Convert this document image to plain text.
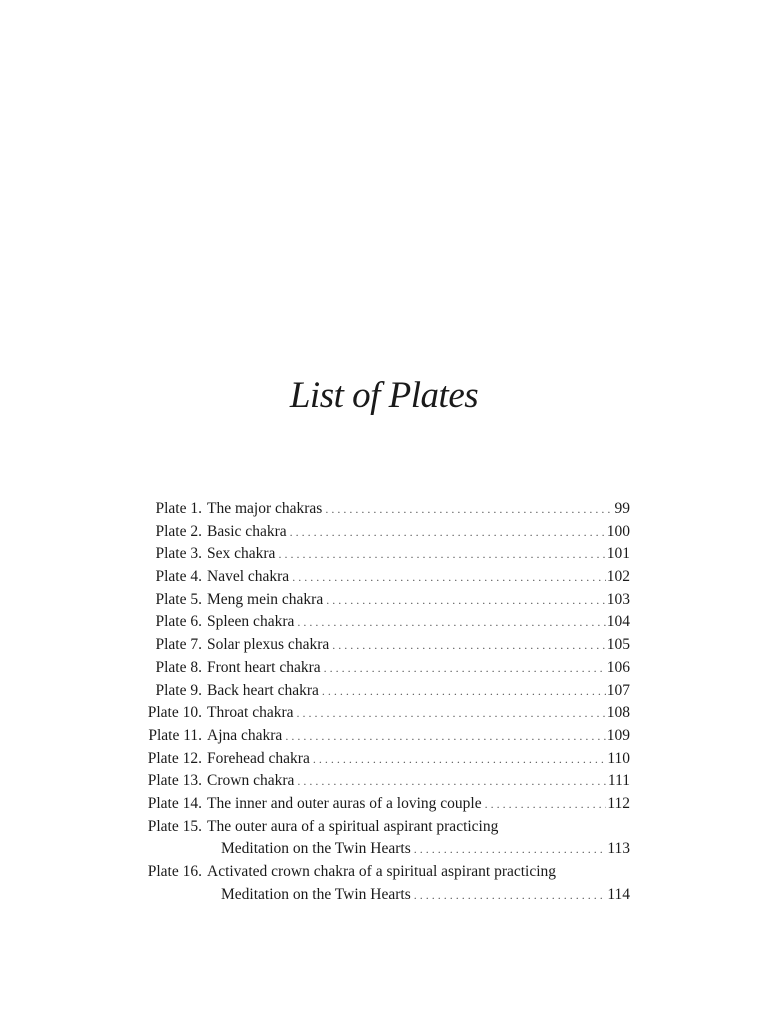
List of Plates
Plate 1. The major chakras . . .	99
Plate 2. Basic chakra . . .	100
Plate 3. Sex chakra . . .	101
Plate 4. Navel chakra . . .	102
Plate 5. Meng mein chakra . . .	103
Plate 6. Spleen chakra . . .	104
Plate 7. Solar plexus chakra . . .	105
Plate 8. Front heart chakra . . .	106
Plate 9. Back heart chakra . . .	107
Plate 10. Throat chakra . . .	108
Plate 11. Ajna chakra . . .	109
Plate 12. Forehead chakra . . .	110
Plate 13. Crown chakra . . .	111
Plate 14. The inner and outer auras of a loving couple . . .	112
Plate 15. The outer aura of a spiritual aspirant practicing
Meditation on the Twin Hearts . . .	113
Plate 16. Activated crown chakra of a spiritual aspirant practicing
Meditation on the Twin Hearts . . .	114
